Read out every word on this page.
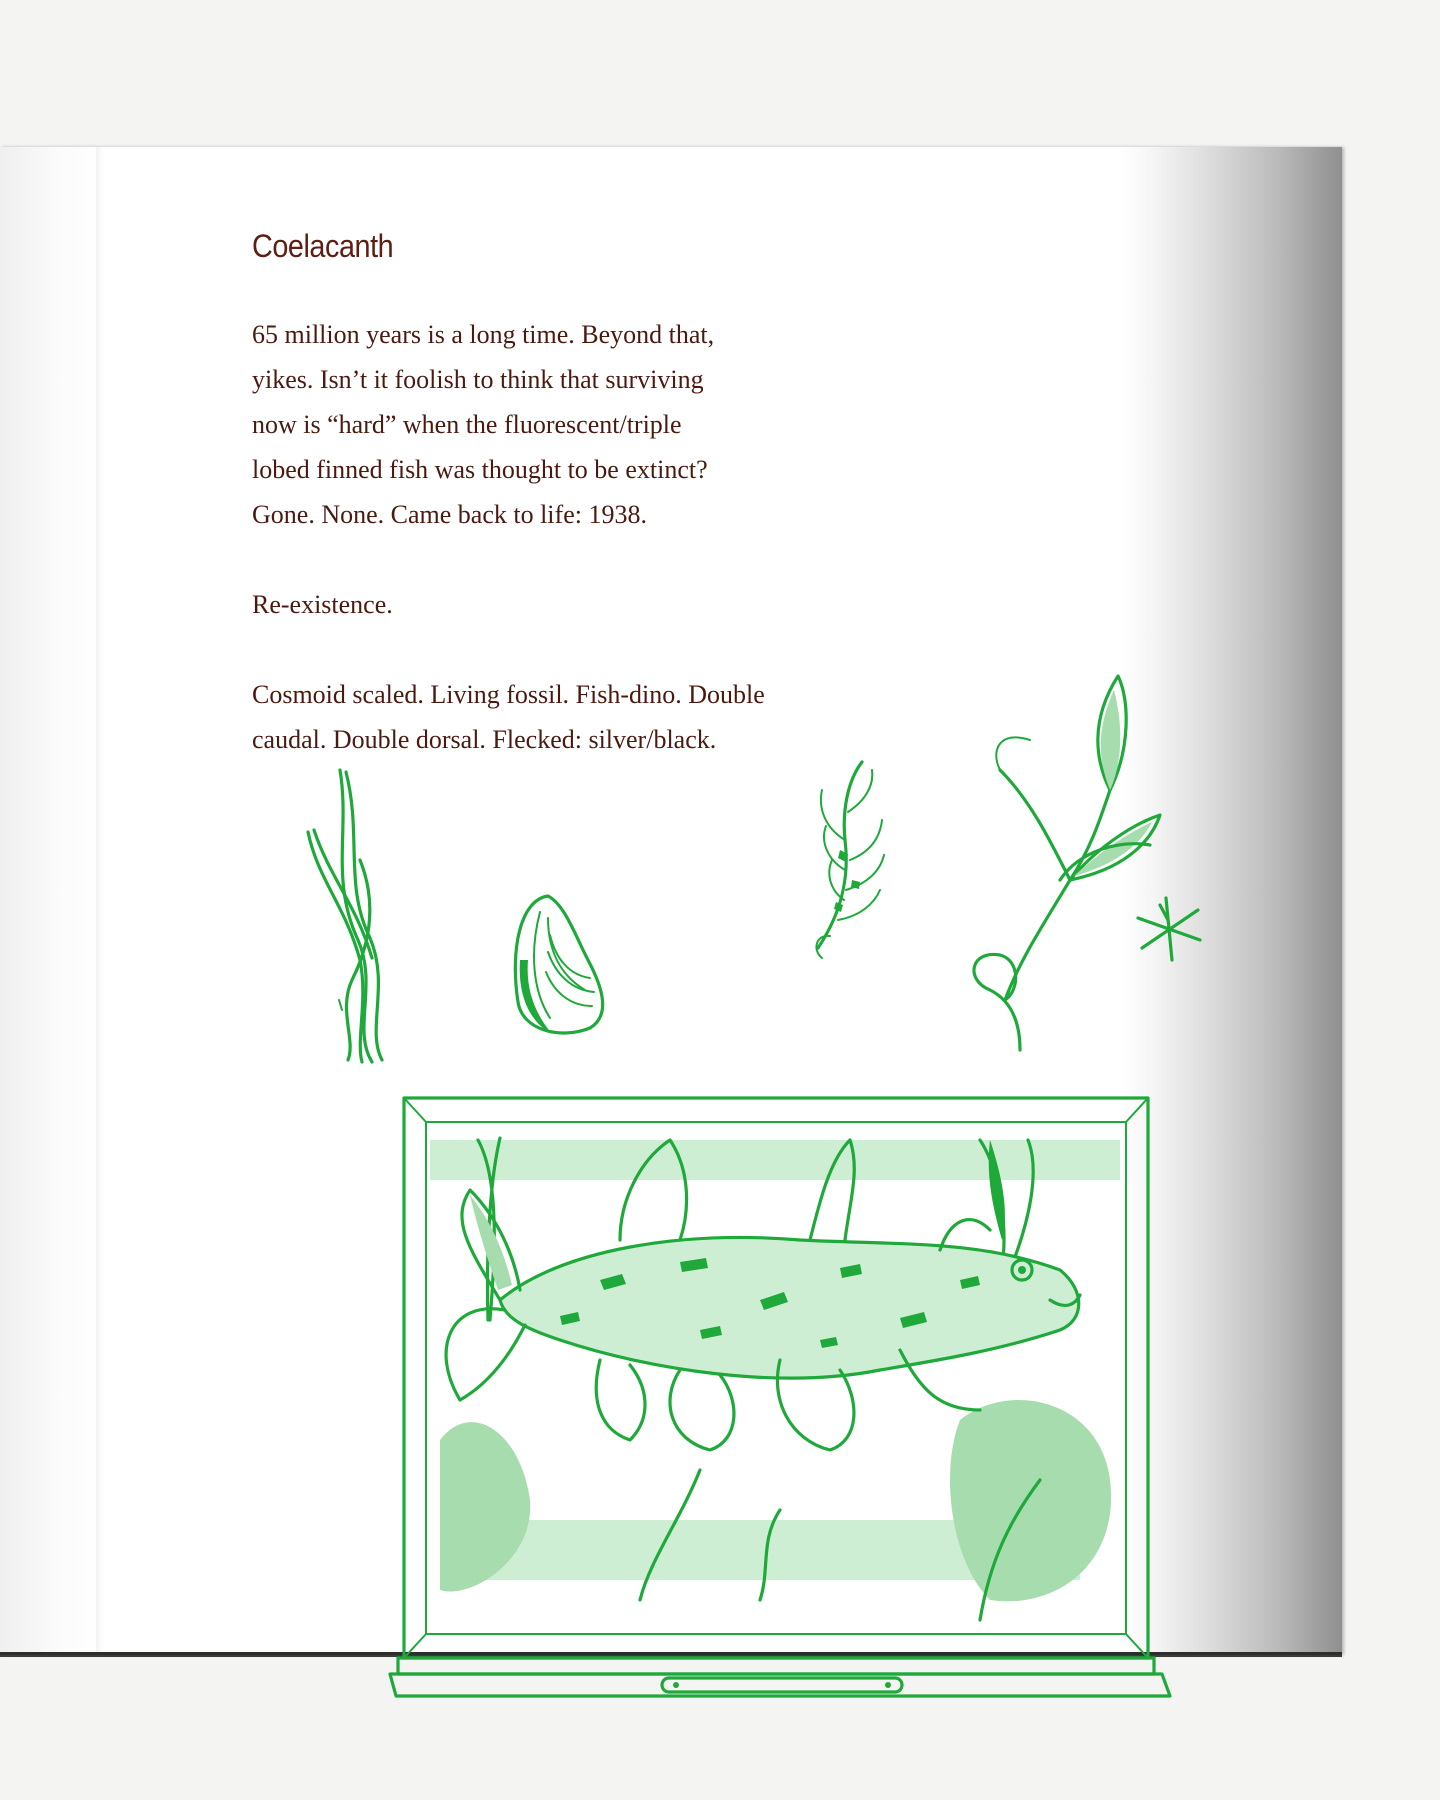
Coelacanth

65 million years is a long time. Beyond that,
yikes. Isn’t it foolish to think that surviving
now is “hard” when the fluorescent/triple
lobed finned fish was thought to be extinct?
Gone. None. Came back to life: 1938.

Re-existence.

Cosmoid scaled. Living fossil. Fish-dino. Double
caudal. Double dorsal. Flecked: silver/black.
